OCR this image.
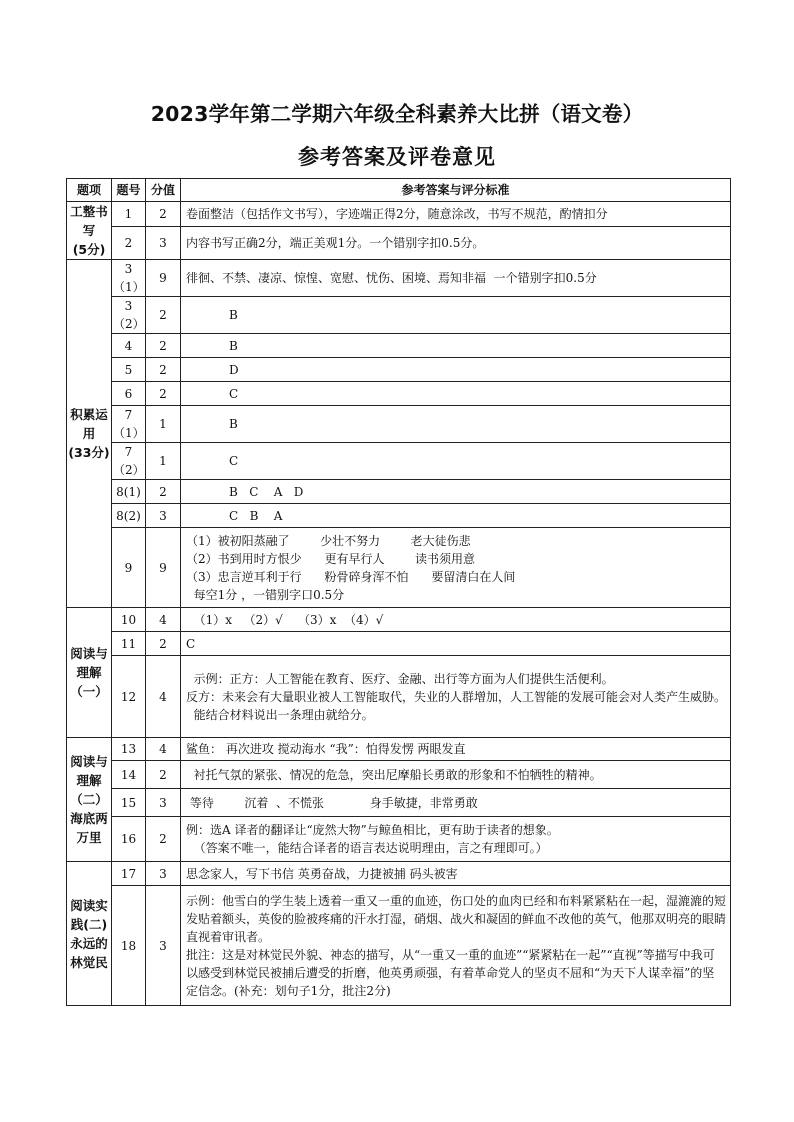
2023学年第二学期六年级全科素养大比拼（语文卷）
参考答案及评卷意见
题项	题号	分值	参考答案与评分标准
工整书写
(5分)	1	2	卷面整洁（包括作文书写），字迹端正得2分，随意涂改，书写不规范，酌情扣分

	2	3	内容书写正确2分，端正美观1分。一个错别字扣0.5分。

积累运用
(33分)	3（1）	9	徘徊、不禁、凄凉、惊惶、宽慰、忧伤、困境、焉知非福  一个错别字扣0.5分

	3（2）	2	B

	4	2	B

	5	2	D

	6	2	C

	7（1）	1	B

	7（2）	1	C

	8(1)	2	B   C    A   D

	8(2)	3	C   B    A

	9	9	（1）被初阳蒸融了        少壮不努力        老大徒伤悲
（2）书到用时方恨少      更有早行人        读书须用意
（3）忠言逆耳利于行      粉骨碎身浑不怕      要留清白在人间
每空1分 ，一错别字口0.5分

阅读与
理解
（一）	10	4	（1）x   （2）√    （3）x  （4）√

	11	2	C

	12	4	示例：正方：人工智能在教育、医疗、金融、出行等方面为人们提供生活便利。
反方：未来会有大量职业被人工智能取代，失业的人群增加，人工智能的发展可能会对人类产生威胁。
能结合材料说出一条理由就给分。

阅读与
理解
（二）
海底两
万里	13	4	鲨鱼： 再次进攻 搅动海水 “我”：怕得发愣 两眼发直

	14	2	衬托气氛的紧张、情况的危急，突出尼摩船长勇敢的形象和不怕牺牲的精神。

	15	3	等待        沉着  、不慌张            身手敏捷，非常勇敢

	16	2	例：选A 译者的翻译让“庞然大物”与鲸鱼相比，更有助于读者的想象。
（答案不唯一，能结合译者的语言表达说明理由，言之有理即可。）

阅读实
践(二)
永远的
林觉民	17	3	思念家人，写下书信 英勇奋战，力捷被捕 码头被害

	18	3	示例：他雪白的学生装上透着一重又一重的血迹，伤口处的血肉已经和布料紧紧粘在一起，湿漉漉的短发贴着额头，英俊的脸被疼痛的汗水打湿，硝烟、战火和凝固的鲜血不改他的英气，他那双明亮的眼睛直视着审讯者。
批注：这是对林觉民外貌、神态的描写，从“一重又一重的血迹”“紧紧粘在一起”“直视”等描写中我可以感受到林觉民被捕后遭受的折磨，他英勇顽强，有着革命党人的坚贞不屈和“为天下人谋幸福”的坚定信念。(补充：划句子1分，批注2分)
